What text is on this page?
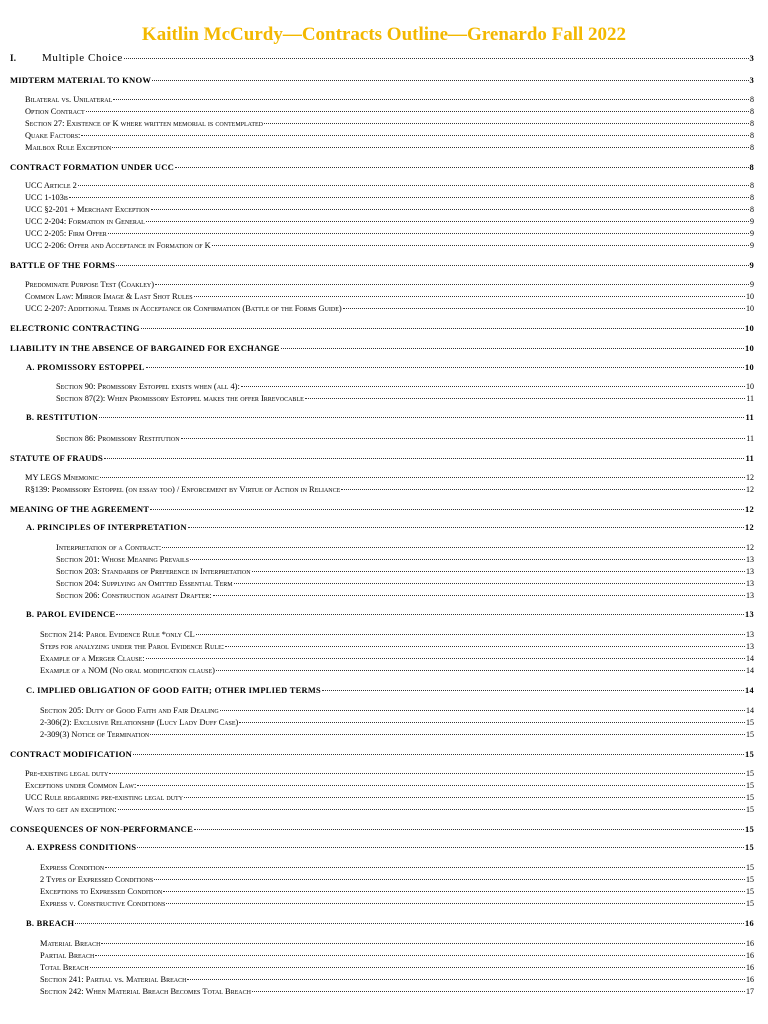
Kaitlin McCurdy—Contracts Outline—Grenardo Fall 2022
I.	Multiple Choice	3
MIDTERM MATERIAL TO KNOW	3
Bilateral vs. Unilateral	8
Option Contract	8
Section 27: Existence of K where written memorial is contemplated	8
Quake Factors:	8
Mailbox Rule Exception	8
CONTRACT FORMATION UNDER UCC	8
UCC Article 2	8
UCC 1-103b	8
UCC §2-201 + Merchant Exception	8
UCC 2-204: Formation in General	9
UCC 2-205: Firm Offer	9
UCC 2-206: Offer and Acceptance in Formation of K	9
BATTLE OF THE FORMS	9
Predominate Purpose Test (Coakley)	9
Common Law: Mirror Image & Last Shot Rules	10
UCC 2-207: Additional Terms in Acceptance or Confirmation (Battle of the Forms Guide)	10
ELECTRONIC CONTRACTING	10
LIABILITY IN THE ABSENCE OF BARGAINED FOR EXCHANGE	10
A. PROMISSORY ESTOPPEL	10
Section 90: Promissory Estoppel exists when (all 4):	10
Section 87(2): When Promissory Estoppel makes the offer Irrevocable	11
B. RESTITUTION	11
Section 86: Promissory Restitution	11
STATUTE OF FRAUDS	11
MY LEGS Mnemonic	12
R§139: Promissory Estoppel (on essay too) / Enforcement by Virtue of Action in Reliance	12
MEANING OF THE AGREEMENT	12
A. PRINCIPLES OF INTERPRETATION	12
Interpretation of a Contract:	12
Section 201: Whose Meaning Prevails	13
Section 203: Standards of Preference in Interpretation	13
Section 204: Supplying an Omitted Essential Term	13
Section 206: Construction against Drafter:	13
B. PAROL EVIDENCE	13
Section 214: Parol Evidence Rule *only CL	13
Steps for analyzing under the Parol Evidence Rule:	13
Example of a Merger Clause:	14
Example of a NOM (No oral modification clause)	14
C. IMPLIED OBLIGATION OF GOOD FAITH; OTHER IMPLIED TERMS	14
Section 205: Duty of Good Faith and Fair Dealing	14
2-306(2): Exclusive Relationship (Lucy Lady Duff Case)	15
2-309(3) Notice of Termination	15
CONTRACT MODIFICATION	15
Pre-existing legal duty	15
Exceptions under Common Law:	15
UCC Rule regarding pre-existing legal duty	15
Ways to get an exception:	15
CONSEQUENCES OF NON-PERFORMANCE	15
A. EXPRESS CONDITIONS	15
Express Condition	15
2 Types of Expressed Conditions	15
Exceptions to Expressed Condition	15
Express v. Constructive Conditions	15
B. BREACH	16
Material Breach	16
Partial Breach	16
Total Breach	16
Section 241: Partial vs. Material Breach	16
Section 242: When Material Breach Becomes Total Breach	17
